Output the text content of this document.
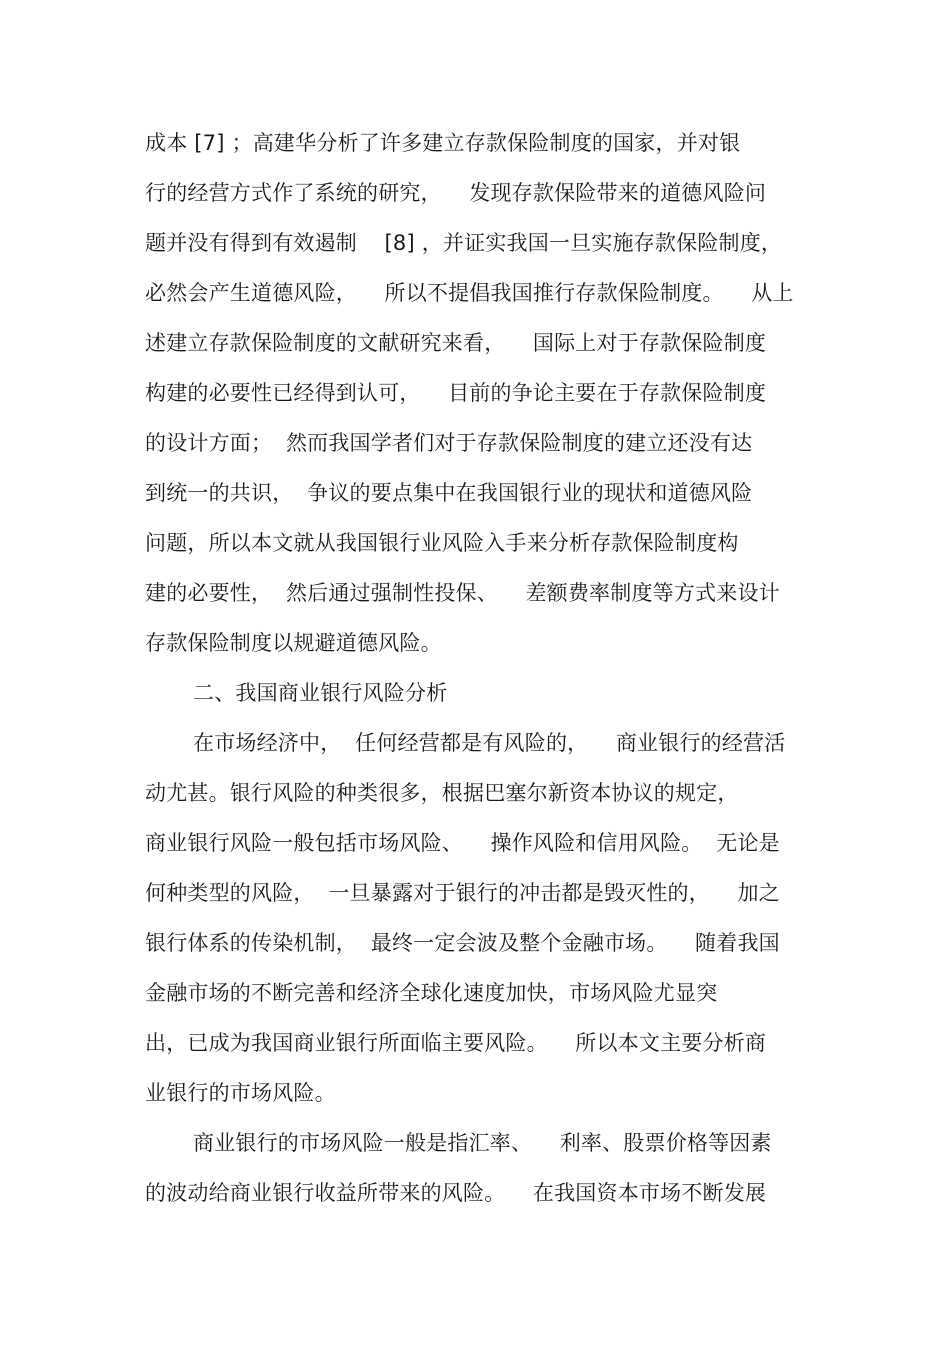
成本 [7] ；高建华分析了许多建立存款保险制度的国家，并对银
行的经营方式作了系统的研究，    发现存款保险带来的道德风险问
题并没有得到有效遏制    [8] ，并证实我国一旦实施存款保险制度，
必然会产生道德风险，    所以不提倡我国推行存款保险制度。    从上
述建立存款保险制度的文献研究来看，    国际上对于存款保险制度
构建的必要性已经得到认可，    目前的争论主要在于存款保险制度
的设计方面；  然而我国学者们对于存款保险制度的建立还没有达
到统一的共识，  争议的要点集中在我国银行业的现状和道德风险
问题，所以本文就从我国银行业风险入手来分析存款保险制度构
建的必要性，  然后通过强制性投保、    差额费率制度等方式来设计
存款保险制度以规避道德风险。
二、我国商业银行风险分析
在市场经济中，  任何经营都是有风险的，    商业银行的经营活
动尤甚。银行风险的种类很多，根据巴塞尔新资本协议的规定，
商业银行风险一般包括市场风险、    操作风险和信用风险。  无论是
何种类型的风险，  一旦暴露对于银行的冲击都是毁灭性的，    加之
银行体系的传染机制，  最终一定会波及整个金融市场。    随着我国
金融市场的不断完善和经济全球化速度加快，市场风险尤显突
出，已成为我国商业银行所面临主要风险。    所以本文主要分析商
业银行的市场风险。
商业银行的市场风险一般是指汇率、    利率、股票价格等因素
的波动给商业银行收益所带来的风险。    在我国资本市场不断发展
